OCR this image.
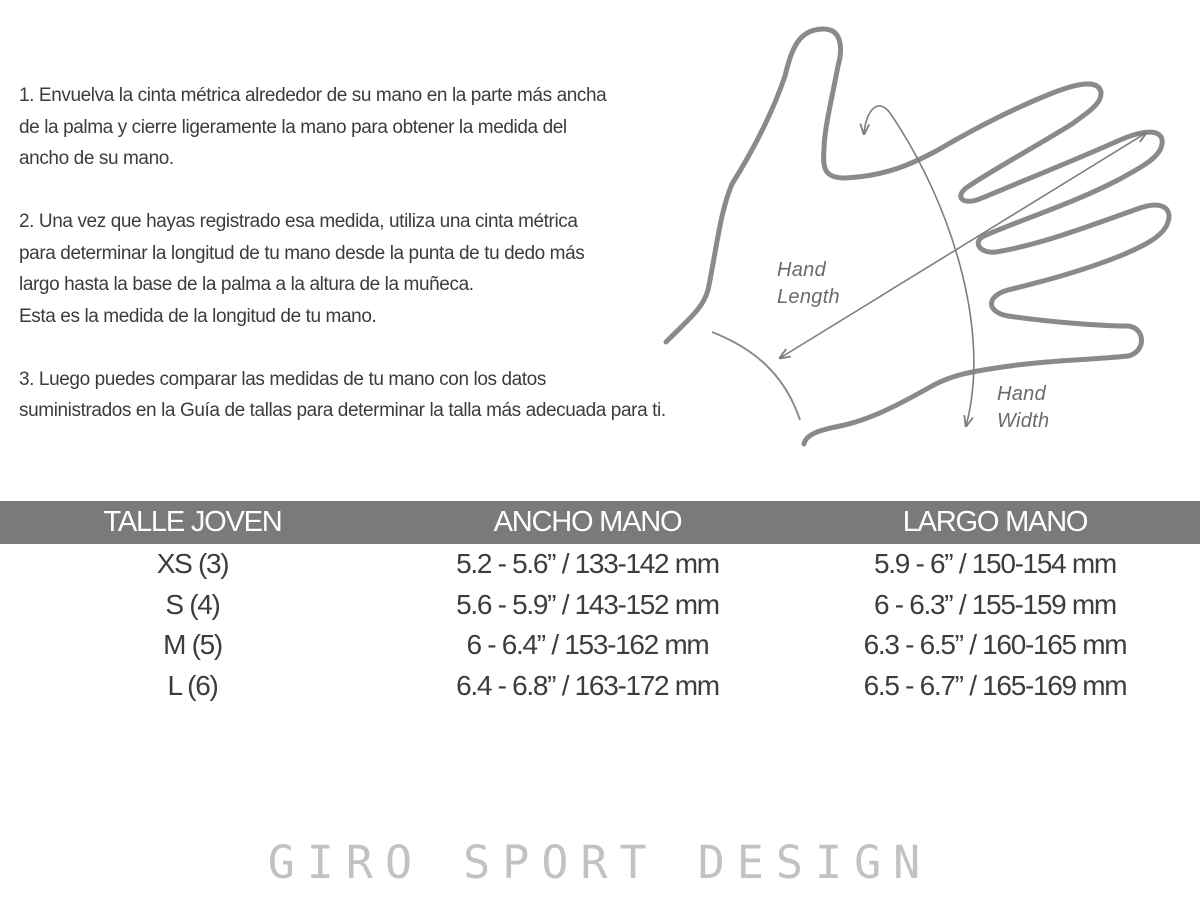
1. Envuelva la cinta métrica alrededor de su mano en la parte más ancha
de la palma y cierre ligeramente la mano para obtener la medida del
ancho de su mano.

2. Una vez que hayas registrado esa medida, utiliza una cinta métrica
para determinar la longitud de tu mano desde la punta de tu dedo más
largo hasta la base de la palma a la altura de la muñeca.
Esta es la medida de la longitud de tu mano.

3. Luego puedes comparar las medidas de tu mano con los datos
suministrados en la Guía de tallas para determinar la talla más adecuada para ti.

Hand
Length
Hand
Width
TALLE JOVEN	ANCHO MANO	LARGO MANO
XS (3)	5.2 - 5.6” / 133-142 mm	5.9 - 6” / 150-154 mm
S (4)	5.6 - 5.9” / 143-152 mm	6 - 6.3” / 155-159 mm
M (5)	6 - 6.4” / 153-162 mm	6.3 - 6.5” / 160-165 mm
L (6)	6.4 - 6.8” / 163-172 mm	6.5 - 6.7” / 165-169 mm
GIRO SPORT DESIGN
